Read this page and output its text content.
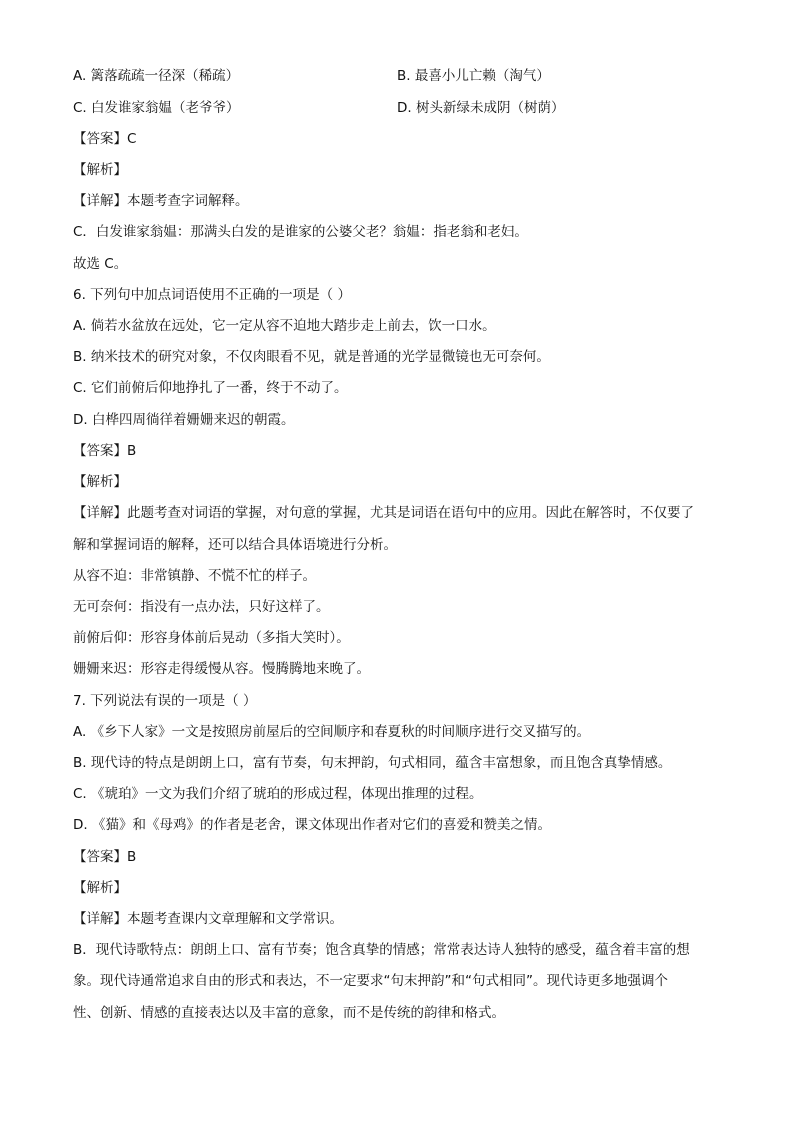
A. 篱落疏疏一径深（稀疏）	B. 最喜小儿亡赖（淘气）
C. 白发谁家翁媪（老爷爷）	D. 树头新绿未成阴（树荫）
【答案】C
【解析】
【详解】本题考查字词解释。
C．白发谁家翁媪：那满头白发的是谁家的公婆父老？翁媪：指老翁和老妇。
故选 C。
6. 下列句中加点词语使用不正确的一项是（ ）
A. 倘若水盆放在远处，它一定从容不迫地大踏步走上前去，饮一口水。
B. 纳米技术的研究对象，不仅肉眼看不见，就是普通的光学显微镜也无可奈何。
C. 它们前俯后仰地挣扎了一番，终于不动了。
D. 白桦四周徜徉着姗姗来迟的朝霞。
【答案】B
【解析】
【详解】此题考查对词语的掌握，对句意的掌握，尤其是词语在语句中的应用。因此在解答时，不仅要了
解和掌握词语的解释，还可以结合具体语境进行分析。
从容不迫：非常镇静、不慌不忙的样子。
无可奈何：指没有一点办法，只好这样了。
前俯后仰：形容身体前后晃动（多指大笑时）。
姗姗来迟：形容走得缓慢从容。慢腾腾地来晚了。
7. 下列说法有误的一项是（ ）
A. 《乡下人家》一文是按照房前屋后的空间顺序和春夏秋的时间顺序进行交叉描写的。
B. 现代诗的特点是朗朗上口，富有节奏，句末押韵，句式相同，蕴含丰富想象，而且饱含真挚情感。
C. 《琥珀》一文为我们介绍了琥珀的形成过程，体现出推理的过程。
D. 《猫》和《母鸡》的作者是老舍，课文体现出作者对它们的喜爱和赞美之情。
【答案】B
【解析】
【详解】本题考查课内文章理解和文学常识。
B．现代诗歌特点：朗朗上口、富有节奏；饱含真挚的情感；常常表达诗人独特的感受，蕴含着丰富的想
象。现代诗通常追求自由的形式和表达，不一定要求“句末押韵”和“句式相同”。现代诗更多地强调个
性、创新、情感的直接表达以及丰富的意象，而不是传统的韵律和格式。
